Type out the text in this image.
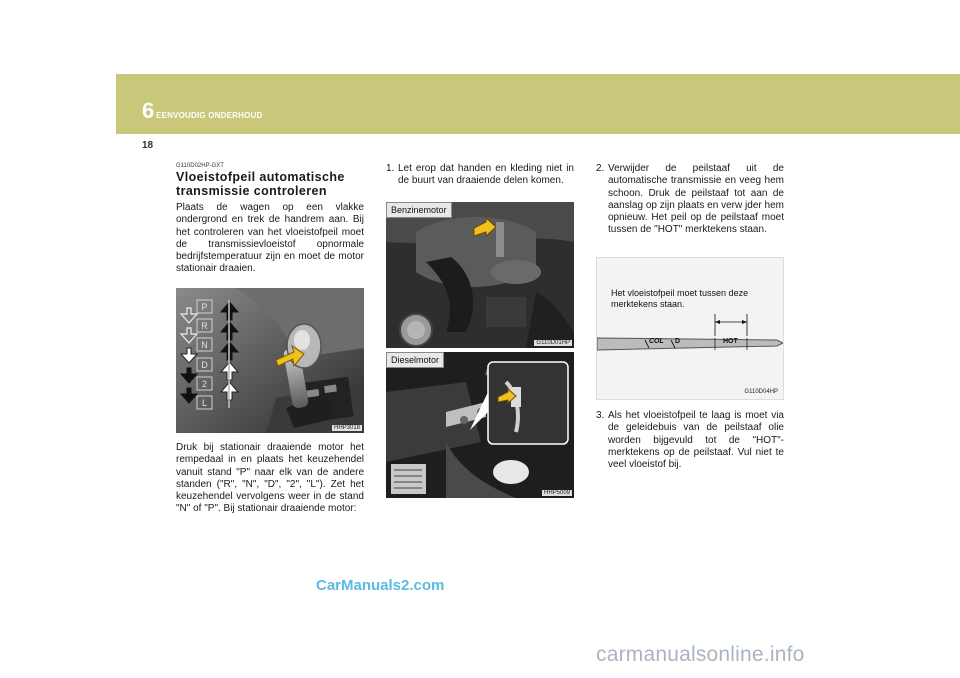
6 EENVOUDIG ONDERHOUD
18
G110D02HP-GXT
Vloeistofpeil automatische transmissie controleren
Plaats de wagen op een vlakke ondergrond en trek de handrem aan. Bij het controleren van het vloeistofpeil moet de transmissievloeistof opnormale bedrijfstemperatuur zijn en moet de motor stationair draaien.
P
R
N
D
2
L
HHP3018
Druk bij stationair draaiende motor het rempedaal in en plaats het keuzehendel vanuit stand "P" naar elk van de andere standen ("R", "N", "D", "2", "L"). Zet het keuzehendel vervolgens weer in de stand "N" of "P". Bij stationair draaiende motor:
1. Let erop dat handen en kleding niet in de buurt van draaiende delen komen.
Benzinemotor
G110D01HP
Dieselmotor
HHP5009
2. Verwijder de peilstaaf uit de automatische transmissie en veeg hem schoon. Druk de peilstaaf tot aan de aanslag op zijn plaats en verw jder hem opnieuw. Het peil op de peilstaaf moet tussen de "HOT" merktekens staan.
Het vloeistofpeil moet tussen deze merktekens staan.
COL D	HOT
G110D04HP
3. Als het vloeistofpeil te laag is moet via de geleidebuis van de peilstaaf olie worden bijgevuld tot de "HOT"-merktekens op de peilstaaf. Vul niet te veel vloeistof bij.
CarManuals2.com
carmanualsonline.info
